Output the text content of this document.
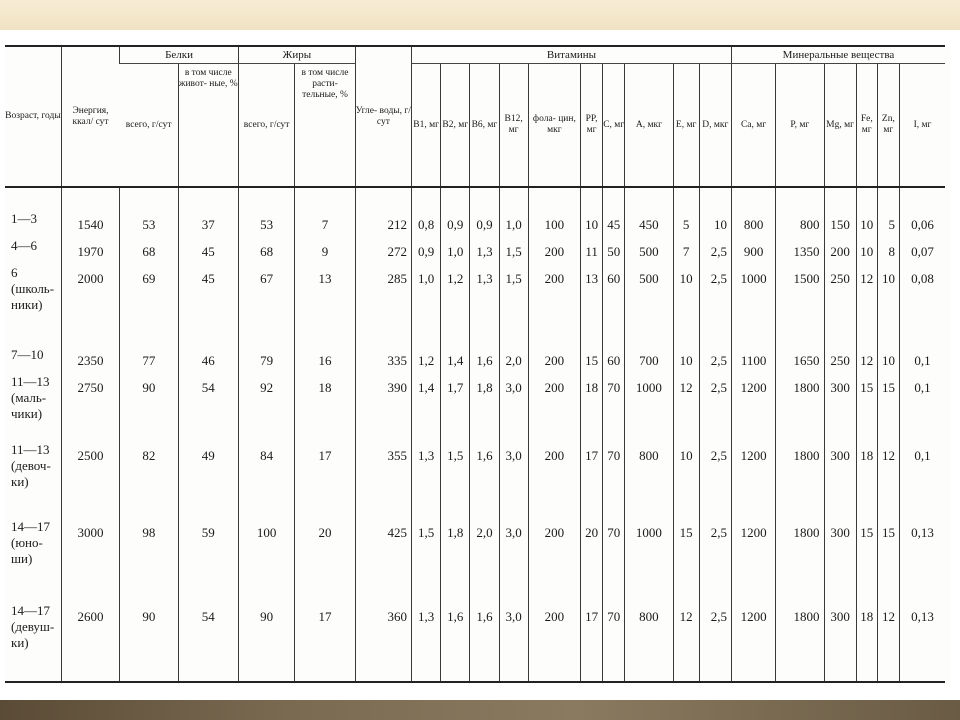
Возраст, годы	Энергия, ккал/ сут	Белки		Жиры		Угле- воды, г/сут	Витамины										Минеральные вещества					
		всего, г/сут	в том числе живот- ные, %	всего, г/сут	в том числе расти- тельные, %		B1, мг	B2, мг	B6, мг	B12, мг	фола- цин, мкг	PP, мг	C, мг	A, мкг	E, мг	D, мкг	Ca, мг	P, мг	Mg, мг	Fe, мг	Zn, мг	I, мг

1—3	1540	53	37	53	7	212	0,8	0,9	0,9	1,0	100	10	45	450	5	10	800	800	150	10	5	0,06
4—6	1970	68	45	68	9	272	0,9	1,0	1,3	1,5	200	11	50	500	7	2,5	900	1350	200	10	8	0,07
6 (школь- ники)	2000	69	45	67	13	285	1,0	1,2	1,3	1,5	200	13	60	500	10	2,5	1000	1500	250	12	10	0,08
7—10	2350	77	46	79	16	335	1,2	1,4	1,6	2,0	200	15	60	700	10	2,5	1100	1650	250	12	10	0,1
11—13 (маль- чики)	2750	90	54	92	18	390	1,4	1,7	1,8	3,0	200	18	70	1000	12	2,5	1200	1800	300	15	15	0,1
11—13 (девоч- ки)	2500	82	49	84	17	355	1,3	1,5	1,6	3,0	200	17	70	800	10	2,5	1200	1800	300	18	12	0,1
14—17 (юно- ши)	3000	98	59	100	20	425	1,5	1,8	2,0	3,0	200	20	70	1000	15	2,5	1200	1800	300	15	15	0,13
14—17 (девуш- ки)	2600	90	54	90	17	360	1,3	1,6	1,6	3,0	200	17	70	800	12	2,5	1200	1800	300	18	12	0,13
